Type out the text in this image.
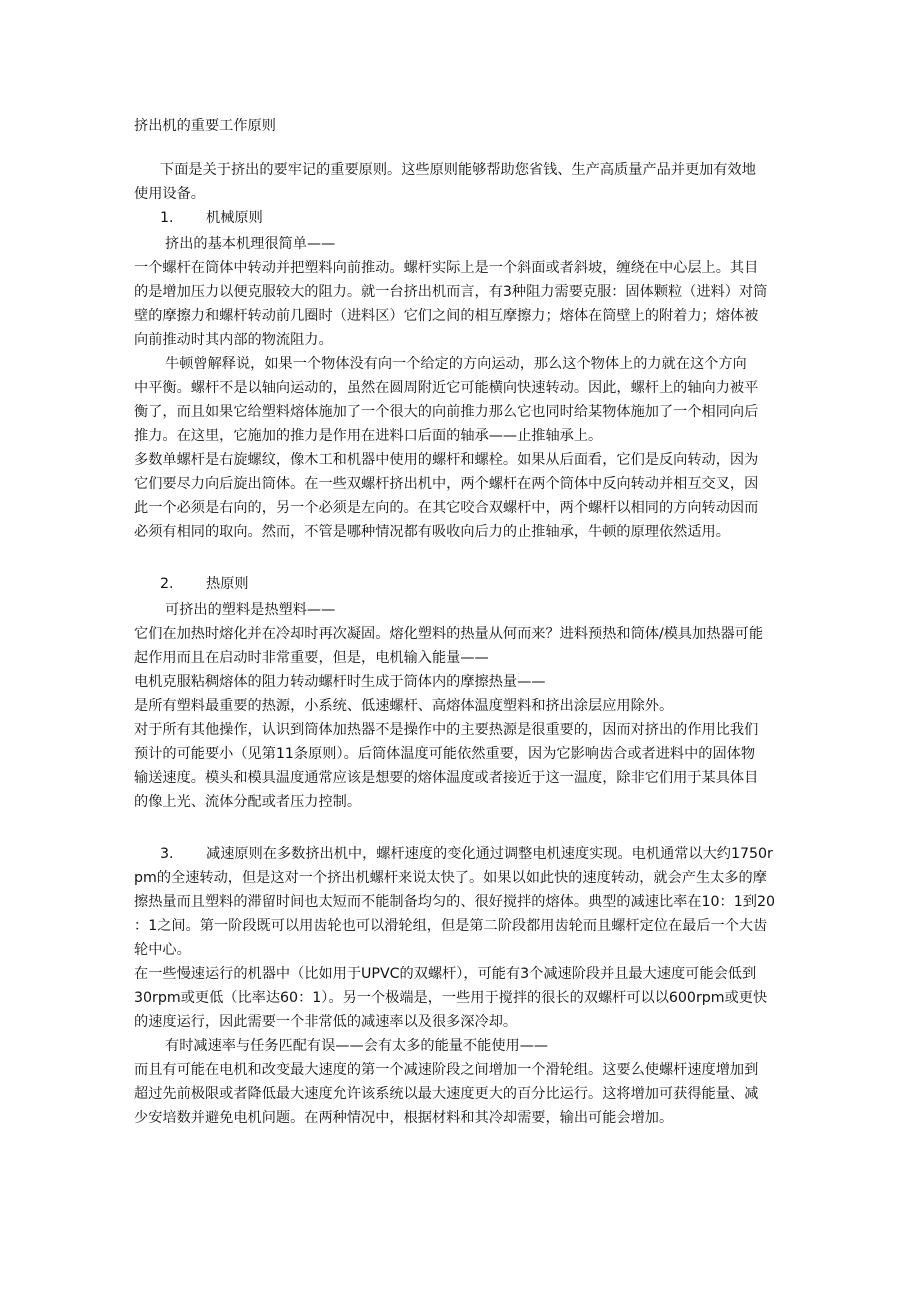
挤出机的重要工作原则
下面是关于挤出的要牢记的重要原则。这些原则能够帮助您省钱、生产高质量产品并更加有效地
使用设备。
1. 机械原则
挤出的基本机理很简单——
一个螺杆在筒体中转动并把塑料向前推动。螺杆实际上是一个斜面或者斜坡，缠绕在中心层上。其目
的是增加压力以便克服较大的阻力。就一台挤出机而言，有3种阻力需要克服：固体颗粒（进料）对筒
壁的摩擦力和螺杆转动前几圈时（进料区）它们之间的相互摩擦力；熔体在筒壁上的附着力；熔体被
向前推动时其内部的物流阻力。
牛顿曾解释说，如果一个物体没有向一个给定的方向运动，那么这个物体上的力就在这个方向
中平衡。螺杆不是以轴向运动的，虽然在圆周附近它可能横向快速转动。因此，螺杆上的轴向力被平
衡了，而且如果它给塑料熔体施加了一个很大的向前推力那么它也同时给某物体施加了一个相同向后
推力。在这里，它施加的推力是作用在进料口后面的轴承——止推轴承上。
多数单螺杆是右旋螺纹，像木工和机器中使用的螺杆和螺栓。如果从后面看，它们是反向转动，因为
它们要尽力向后旋出筒体。在一些双螺杆挤出机中，两个螺杆在两个筒体中反向转动并相互交叉，因
此一个必须是右向的，另一个必须是左向的。在其它咬合双螺杆中，两个螺杆以相同的方向转动因而
必须有相同的取向。然而，不管是哪种情况都有吸收向后力的止推轴承，牛顿的原理依然适用。
2. 热原则
可挤出的塑料是热塑料——
它们在加热时熔化并在冷却时再次凝固。熔化塑料的热量从何而来？进料预热和筒体/模具加热器可能
起作用而且在启动时非常重要，但是，电机输入能量——
电机克服粘稠熔体的阻力转动螺杆时生成于筒体内的摩擦热量——
是所有塑料最重要的热源，小系统、低速螺杆、高熔体温度塑料和挤出涂层应用除外。
对于所有其他操作，认识到筒体加热器不是操作中的主要热源是很重要的，因而对挤出的作用比我们
预计的可能要小（见第11条原则）。后筒体温度可能依然重要，因为它影响齿合或者进料中的固体物
输送速度。模头和模具温度通常应该是想要的熔体温度或者接近于这一温度，除非它们用于某具体目
的像上光、流体分配或者压力控制。
3. 减速原则在多数挤出机中，螺杆速度的变化通过调整电机速度实现。电机通常以大约1750r
pm的全速转动，但是这对一个挤出机螺杆来说太快了。如果以如此快的速度转动，就会产生太多的摩
擦热量而且塑料的滞留时间也太短而不能制备均匀的、很好搅拌的熔体。典型的减速比率在10：1到20
：1之间。第一阶段既可以用齿轮也可以滑轮组，但是第二阶段都用齿轮而且螺杆定位在最后一个大齿
轮中心。
在一些慢速运行的机器中（比如用于UPVC的双螺杆），可能有3个减速阶段并且最大速度可能会低到
30rpm或更低（比率达60：1）。另一个极端是，一些用于搅拌的很长的双螺杆可以以600rpm或更快
的速度运行，因此需要一个非常低的减速率以及很多深冷却。
有时减速率与任务匹配有误——会有太多的能量不能使用——
而且有可能在电机和改变最大速度的第一个减速阶段之间增加一个滑轮组。这要么使螺杆速度增加到
超过先前极限或者降低最大速度允许该系统以最大速度更大的百分比运行。这将增加可获得能量、减
少安培数并避免电机问题。在两种情况中，根据材料和其冷却需要，输出可能会增加。
